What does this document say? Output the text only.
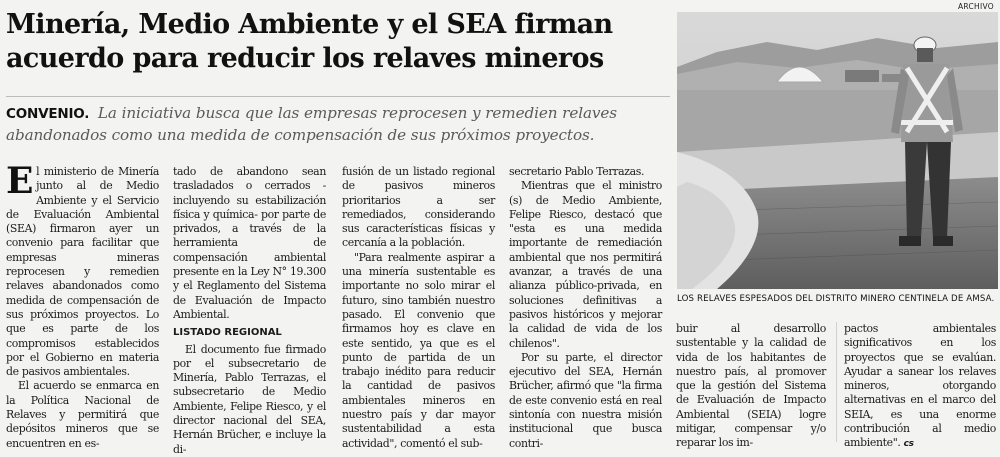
Minería, Medio Ambiente y el SEA firman
acuerdo para reducir los relaves mineros
CONVENIO. La iniciativa busca que las empresas reprocesen y remedien relaves abandonados como una medida de compensación de sus próximos proyectos.
ARCHIVO
LOS RELAVES ESPESADOS DEL DISTRITO MINERO CENTINELA DE AMSA.

El ministerio de Minería junto al de Medio Ambiente y el Servicio de Evaluación Ambiental (SEA) firmaron ayer un convenio para facilitar que empresas mineras reprocesen y remedien relaves abandonados como medida de compensación de sus próximos proyectos. Lo que es parte de los compromisos establecidos por el Gobierno en materia de pasivos ambientales.

El acuerdo se enmarca en la Política Nacional de Relaves y permitirá que depósitos mineros que se encuentren en es-

tado de abandono sean trasladados o cerrados -incluyendo su estabilización física y química- por parte de privados, a través de la herramienta de compensación ambiental presente en la Ley N° 19.300 y el Reglamento del Sistema de Evaluación de Impacto Ambiental.

LISTADO REGIONAL

El documento fue firmado por el subsecretario de Minería, Pablo Terrazas, el subsecretario de Medio Ambiente, Felipe Riesco, y el director nacional del SEA, Hernán Brücher, e incluye la di-

fusión de un listado regional de pasivos mineros prioritarios a ser remediados, considerando sus características físicas y cercanía a la población.

"Para realmente aspirar a una minería sustentable es importante no solo mirar el futuro, sino también nuestro pasado. El convenio que firmamos hoy es clave en este sentido, ya que es el punto de partida de un trabajo inédito para reducir la cantidad de pasivos ambientales mineros en nuestro país y dar mayor sustentabilidad a esta actividad", comentó el sub-

secretario Pablo Terrazas.

Mientras que el ministro (s) de Medio Ambiente, Felipe Riesco, destacó que "esta es una medida importante de remediación ambiental que nos permitirá avanzar, a través de una alianza público-privada, en soluciones definitivas a pasivos históricos y mejorar la calidad de vida de los chilenos".

Por su parte, el director ejecutivo del SEA, Hernán Brücher, afirmó que "la firma de este convenio está en real sintonía con nuestra misión institucional que busca contri-

buir al desarrollo sustentable y la calidad de vida de los habitantes de nuestro país, al promover que la gestión del Sistema de Evaluación de Impacto Ambiental (SEIA) logre mitigar, compensar y/o reparar los im-

pactos ambientales significativos en los proyectos que se evalúan. Ayudar a sanear los relaves mineros, otorgando alternativas en el marco del SEIA, es una enorme contribución al medio ambiente". cs
